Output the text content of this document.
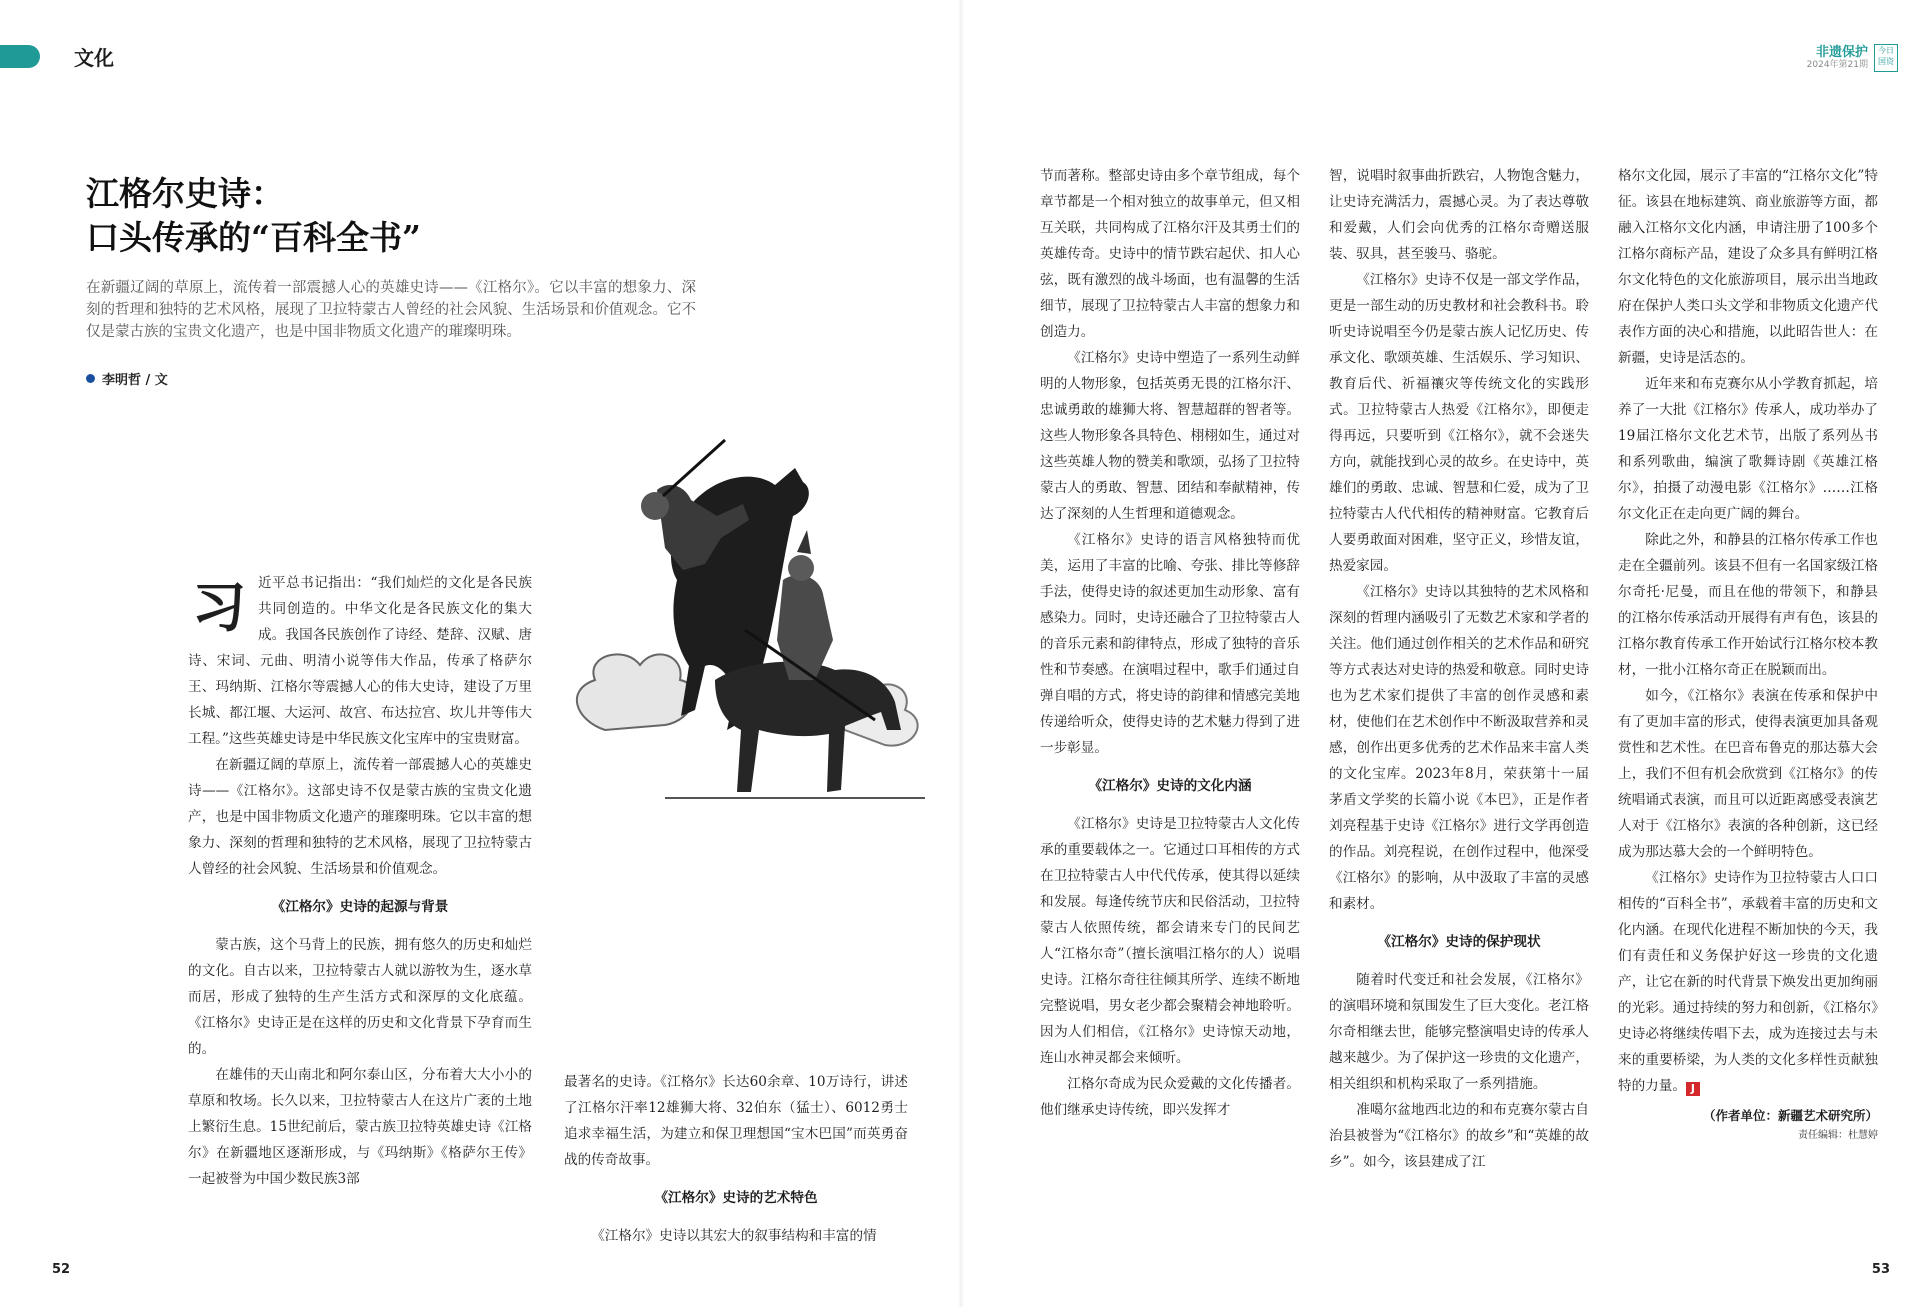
文化	非遗保护
2024年第21期
今日国资
江格尔史诗：
口头传承的“百科全书”
在新疆辽阔的草原上，流传着一部震撼人心的英雄史诗——《江格尔》。它以丰富的想象力、深刻的哲理和独特的艺术风格，展现了卫拉特蒙古人曾经的社会风貌、生活场景和价值观念。它不仅是蒙古族的宝贵文化遗产，也是中国非物质文化遗产的璀璨明珠。
李明哲 / 文

习近平总书记指出：“我们灿烂的文化是各民族共同创造的。中华文化是各民族文化的集大成。我国各民族创作了诗经、楚辞、汉赋、唐诗、宋词、元曲、明清小说等伟大作品，传承了格萨尔王、玛纳斯、江格尔等震撼人心的伟大史诗，建设了万里长城、都江堰、大运河、故宫、布达拉宫、坎儿井等伟大工程。”这些英雄史诗是中华民族文化宝库中的宝贵财富。

在新疆辽阔的草原上，流传着一部震撼人心的英雄史诗——《江格尔》。这部史诗不仅是蒙古族的宝贵文化遗产，也是中国非物质文化遗产的璀璨明珠。它以丰富的想象力、深刻的哲理和独特的艺术风格，展现了卫拉特蒙古人曾经的社会风貌、生活场景和价值观念。

《江格尔》史诗的起源与背景

蒙古族，这个马背上的民族，拥有悠久的历史和灿烂的文化。自古以来，卫拉特蒙古人就以游牧为生，逐水草而居，形成了独特的生产生活方式和深厚的文化底蕴。《江格尔》史诗正是在这样的历史和文化背景下孕育而生的。

在雄伟的天山南北和阿尔泰山区，分布着大大小小的草原和牧场。长久以来，卫拉特蒙古人在这片广袤的土地上繁衍生息。15世纪前后，蒙古族卫拉特英雄史诗《江格尔》在新疆地区逐渐形成，与《玛纳斯》《格萨尔王传》一起被誉为中国少数民族3部

最著名的史诗。《江格尔》长达60余章、10万诗行，讲述了江格尔汗率12雄狮大将、32伯东（猛士）、6012勇士追求幸福生活，为建立和保卫理想国“宝木巴国”而英勇奋战的传奇故事。

《江格尔》史诗的艺术特色

《江格尔》史诗以其宏大的叙事结构和丰富的情

节而著称。整部史诗由多个章节组成，每个章节都是一个相对独立的故事单元，但又相互关联，共同构成了江格尔汗及其勇士们的英雄传奇。史诗中的情节跌宕起伏、扣人心弦，既有激烈的战斗场面，也有温馨的生活细节，展现了卫拉特蒙古人丰富的想象力和创造力。

《江格尔》史诗中塑造了一系列生动鲜明的人物形象，包括英勇无畏的江格尔汗、忠诚勇敢的雄狮大将、智慧超群的智者等。这些人物形象各具特色、栩栩如生，通过对这些英雄人物的赞美和歌颂，弘扬了卫拉特蒙古人的勇敢、智慧、团结和奉献精神，传达了深刻的人生哲理和道德观念。

《江格尔》史诗的语言风格独特而优美，运用了丰富的比喻、夸张、排比等修辞手法，使得史诗的叙述更加生动形象、富有感染力。同时，史诗还融合了卫拉特蒙古人的音乐元素和韵律特点，形成了独特的音乐性和节奏感。在演唱过程中，歌手们通过自弹自唱的方式，将史诗的韵律和情感完美地传递给听众，使得史诗的艺术魅力得到了进一步彰显。

《江格尔》史诗的文化内涵

《江格尔》史诗是卫拉特蒙古人文化传承的重要载体之一。它通过口耳相传的方式在卫拉特蒙古人中代代传承，使其得以延续和发展。每逢传统节庆和民俗活动，卫拉特蒙古人依照传统，都会请来专门的民间艺人“江格尔奇”（擅长演唱江格尔的人）说唱史诗。江格尔奇往往倾其所学、连续不断地完整说唱，男女老少都会聚精会神地聆听。因为人们相信，《江格尔》史诗惊天动地，连山水神灵都会来倾听。

江格尔奇成为民众爱戴的文化传播者。他们继承史诗传统，即兴发挥才

智，说唱时叙事曲折跌宕，人物饱含魅力，让史诗充满活力，震撼心灵。为了表达尊敬和爱戴，人们会向优秀的江格尔奇赠送服装、驭具，甚至骏马、骆驼。

《江格尔》史诗不仅是一部文学作品，更是一部生动的历史教材和社会教科书。聆听史诗说唱至今仍是蒙古族人记忆历史、传承文化、歌颂英雄、生活娱乐、学习知识、教育后代、祈福禳灾等传统文化的实践形式。卫拉特蒙古人热爱《江格尔》，即便走得再远，只要听到《江格尔》，就不会迷失方向，就能找到心灵的故乡。在史诗中，英雄们的勇敢、忠诚、智慧和仁爱，成为了卫拉特蒙古人代代相传的精神财富。它教育后人要勇敢面对困难，坚守正义，珍惜友谊，热爱家园。

《江格尔》史诗以其独特的艺术风格和深刻的哲理内涵吸引了无数艺术家和学者的关注。他们通过创作相关的艺术作品和研究等方式表达对史诗的热爱和敬意。同时史诗也为艺术家们提供了丰富的创作灵感和素材，使他们在艺术创作中不断汲取营养和灵感，创作出更多优秀的艺术作品来丰富人类的文化宝库。2023年8月，荣获第十一届茅盾文学奖的长篇小说《本巴》，正是作者刘亮程基于史诗《江格尔》进行文学再创造的作品。刘亮程说，在创作过程中，他深受《江格尔》的影响，从中汲取了丰富的灵感和素材。

《江格尔》史诗的保护现状

随着时代变迁和社会发展，《江格尔》的演唱环境和氛围发生了巨大变化。老江格尔奇相继去世，能够完整演唱史诗的传承人越来越少。为了保护这一珍贵的文化遗产，相关组织和机构采取了一系列措施。

准噶尔盆地西北边的和布克赛尔蒙古自治县被誉为“《江格尔》的故乡”和“英雄的故乡”。如今，该县建成了江

格尔文化园，展示了丰富的“江格尔文化”特征。该县在地标建筑、商业旅游等方面，都融入江格尔文化内涵，申请注册了100多个江格尔商标产品，建设了众多具有鲜明江格尔文化特色的文化旅游项目，展示出当地政府在保护人类口头文学和非物质文化遗产代表作方面的决心和措施，以此昭告世人：在新疆，史诗是活态的。

近年来和布克赛尔从小学教育抓起，培养了一大批《江格尔》传承人，成功举办了19届江格尔文化艺术节，出版了系列丛书和系列歌曲，编演了歌舞诗剧《英雄江格尔》，拍摄了动漫电影《江格尔》……江格尔文化正在走向更广阔的舞台。

除此之外，和静县的江格尔传承工作也走在全疆前列。该县不但有一名国家级江格尔奇托·尼曼，而且在他的带领下，和静县的江格尔传承活动开展得有声有色，该县的江格尔教育传承工作开始试行江格尔校本教材，一批小江格尔奇正在脱颖而出。

如今，《江格尔》表演在传承和保护中有了更加丰富的形式，使得表演更加具备观赏性和艺术性。在巴音布鲁克的那达慕大会上，我们不但有机会欣赏到《江格尔》的传统唱诵式表演，而且可以近距离感受表演艺人对于《江格尔》表演的各种创新，这已经成为那达慕大会的一个鲜明特色。

《江格尔》史诗作为卫拉特蒙古人口口相传的“百科全书”，承载着丰富的历史和文化内涵。在现代化进程不断加快的今天，我们有责任和义务保护好这一珍贵的文化遗产，让它在新的时代背景下焕发出更加绚丽的光彩。通过持续的努力和创新，《江格尔》史诗必将继续传唱下去，成为连接过去与未来的重要桥梁，为人类的文化多样性贡献独特的力量。 J

（作者单位：新疆艺术研究所）
责任编辑：杜慧婷
52	53
